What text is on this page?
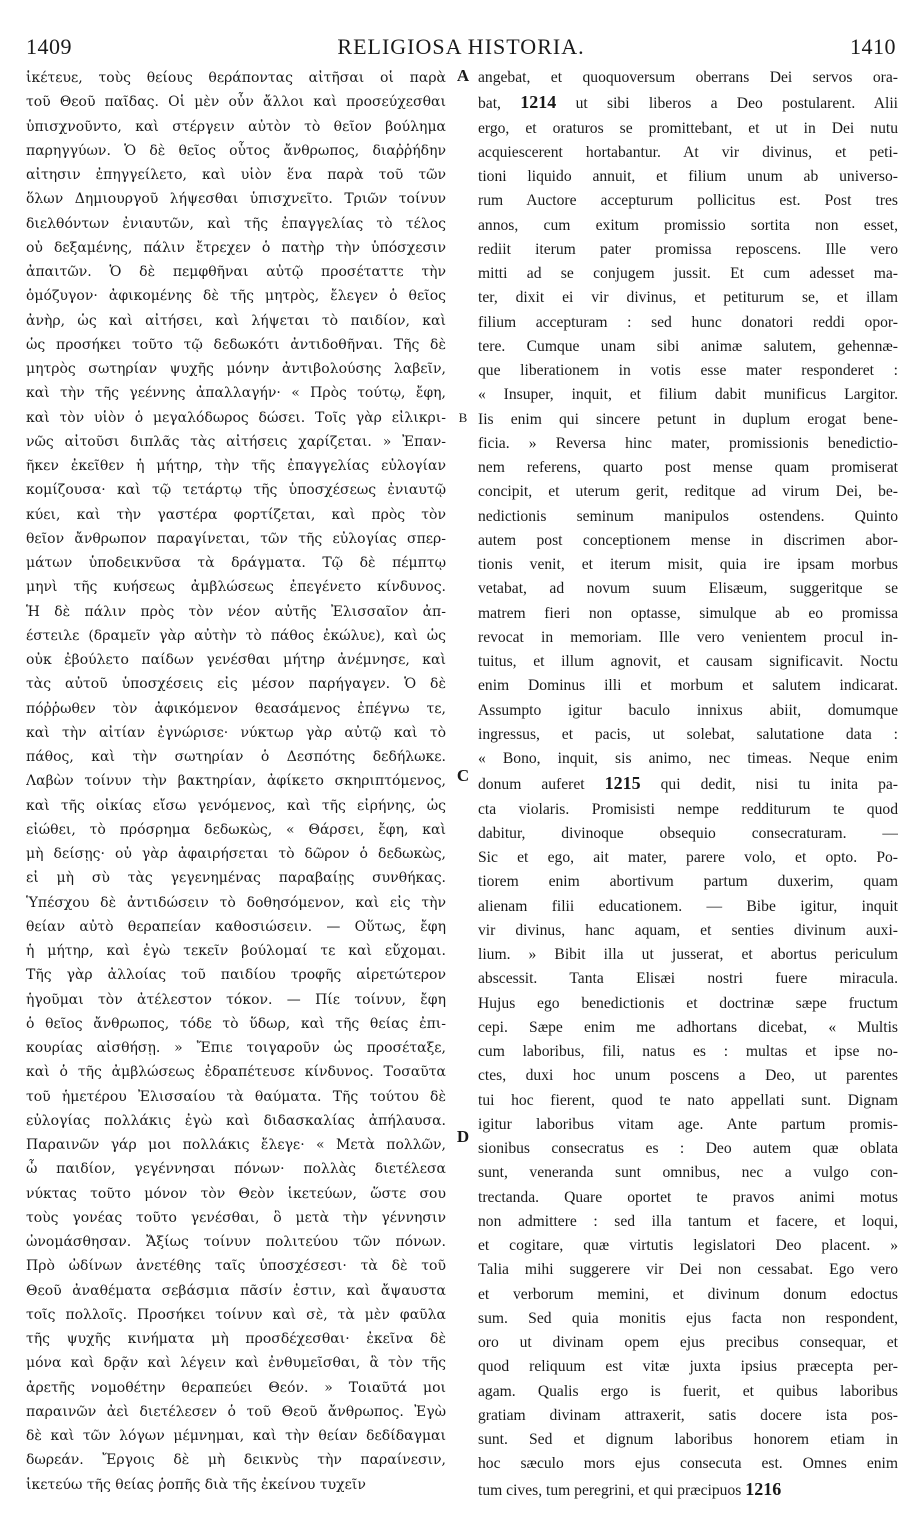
1409	RELIGIOSA HISTORIA.	1410
ἱκέτευε, τοὺς θείους θεράποντας αἰτῆσαι οἱ παρὰ
τοῦ Θεοῦ παῖδας. Οἱ μὲν οὖν ἄλλοι καὶ προσεύχεσθαι
ὑπισχνοῦντο, καὶ στέργειν αὐτὸν τὸ θεῖον βούλημα
παρηγγύων. Ὁ δὲ θεῖος οὗτος ἄνθρωπος, διαῤῥήδην
αἰτησιν ἐπηγγείλετο, καὶ υἱὸν ἕνα παρὰ τοῦ τῶν
ὅλων Δημιουργοῦ λήψεσθαι ὑπισχνεῖτο. Τριῶν τοίνυν
διελθόντων ἐνιαυτῶν, καὶ τῆς ἐπαγγελίας τὸ τέλος
οὐ δεξαμένης, πάλιν ἔτρεχεν ὁ πατὴρ τὴν ὑπόσχεσιν
ἀπαιτῶν. Ὁ δὲ πεμφθῆναι αὐτῷ προσέταττε τὴν
ὁμόζυγον· ἀφικομένης δὲ τῆς μητρὸς, ἔλεγεν ὁ θεῖος
ἀνὴρ, ὡς καὶ αἰτήσει, καὶ λήψεται τὸ παιδίον, καὶ
ὡς προσήκει τοῦτο τῷ δεδωκότι ἀντιδοθῆναι. Τῆς δὲ
μητρὸς σωτηρίαν ψυχῆς μόνην ἀντιβολούσης λαβεῖν,
καὶ τὴν τῆς γεέννης ἀπαλλαγήν· « Πρὸς τούτῳ, ἔφη,
καὶ τὸν υἱὸν ὁ μεγαλόδωρος δώσει. Τοῖς γὰρ εἰλικρι-
νῶς αἰτοῦσι διπλᾶς τὰς αἰτήσεις χαρίζεται. » Ἐπαν-
ῆκεν ἐκεῖθεν ἡ μήτηρ, τὴν τῆς ἐπαγγελίας εὐλογίαν
κομίζουσα· καὶ τῷ τετάρτῳ τῆς ὑποσχέσεως ἐνιαυτῷ
κύει, καὶ τὴν γαστέρα φορτίζεται, καὶ πρὸς τὸν
θεῖον ἄνθρωπον παραγίνεται, τῶν τῆς εὐλογίας σπερ-
μάτων ὑποδεικνῦσα τὰ δράγματα. Τῷ δὲ πέμπτῳ
μηνὶ τῆς κυήσεως ἀμβλώσεως ἐπεγένετο κίνδυνος.
Ἡ δὲ πάλιν πρὸς τὸν νέον αὐτῆς Ἐλισσαῖον ἀπ-
έστειλε (δραμεῖν γὰρ αὐτὴν τὸ πάθος ἐκώλυε), καὶ ὡς
οὐκ ἐβούλετο παίδων γενέσθαι μήτηρ ἀνέμνησε, καὶ
τὰς αὐτοῦ ὑποσχέσεις εἰς μέσον παρήγαγεν. Ὁ δὲ
πόῤῥωθεν τὸν ἀφικόμενον θεασάμενος ἐπέγνω τε,
καὶ τὴν αἰτίαν ἐγνώρισε· νύκτωρ γὰρ αὐτῷ καὶ τὸ
πάθος, καὶ τὴν σωτηρίαν ὁ Δεσπότης δεδήλωκε.
Λαβὼν τοίνυν τὴν βακτηρίαν, ἀφίκετο σκηριπτόμενος,
καὶ τῆς οἰκίας εἴσω γενόμενος, καὶ τῆς εἰρήνης, ὡς
εἰώθει, τὸ πρόσρημα δεδωκὼς, « Θάρσει, ἔφη, καὶ
μὴ δείσῃς· οὐ γὰρ ἀφαιρήσεται τὸ δῶρον ὁ δεδωκὼς,
εἰ μὴ σὺ τὰς γεγενημένας παραβαίῃς συνθήκας.
Ὑπέσχου δὲ ἀντιδώσειν τὸ δοθησόμενον, καὶ εἰς τὴν
θείαν αὐτὸ θεραπείαν καθοσιώσειν. — Οὕτως, ἔφη
ἡ μήτηρ, καὶ ἐγὼ τεκεῖν βούλομαί τε καὶ εὔχομαι.
Τῆς γὰρ ἀλλοίας τοῦ παιδίου τροφῆς αἱρετώτερον
ἡγοῦμαι τὸν ἀτέλεστον τόκον. — Πίε τοίνυν, ἔφη
ὁ θεῖος ἄνθρωπος, τόδε τὸ ὕδωρ, καὶ τῆς θείας ἐπι-
κουρίας αἰσθήσῃ. » Ἔπιε τοιγαροῦν ὡς προσέταξε,
καὶ ὁ τῆς ἀμβλώσεως ἐδραπέτευσε κίνδυνος. Τοσαῦτα
τοῦ ἡμετέρου Ἐλισσαίου τὰ θαύματα. Τῆς τούτου δὲ
εὐλογίας πολλάκις ἐγὼ καὶ διδασκαλίας ἀπήλαυσα.
Παραινῶν γάρ μοι πολλάκις ἔλεγε· « Μετὰ πολλῶν,
ὦ παιδίον, γεγέννησαι πόνων· πολλὰς διετέλεσα
νύκτας τοῦτο μόνον τὸν Θεὸν ἱκετεύων, ὥστε σου
τοὺς γονέας τοῦτο γενέσθαι, ὃ μετὰ τὴν γέννησιν
ὠνομάσθησαν. Ἄξίως τοίνυν πολιτεύου τῶν πόνων.
Πρὸ ὠδίνων ἀνετέθης ταῖς ὑποσχέσεσι· τὰ δὲ τοῦ
Θεοῦ ἀναθέματα σεβάσμια πᾶσίν ἐστιν, καὶ ἄψαυστα
τοῖς πολλοῖς. Προσήκει τοίνυν καὶ σὲ, τὰ μὲν φαῦλα
τῆς ψυχῆς κινήματα μὴ προσδέχεσθαι· ἐκεῖνα δὲ
μόνα καὶ δρᾷν καὶ λέγειν καὶ ἐνθυμεῖσθαι, ἃ τὸν τῆς
ἀρετῆς νομοθέτην θεραπεύει Θεόν. » Τοιαῦτά μοι
παραινῶν ἀεὶ διετέλεσεν ὁ τοῦ Θεοῦ ἄνθρωπος. Ἐγὼ
δὲ καὶ τῶν λόγων μέμνημαι, καὶ τὴν θείαν δεδίδαγμαι
δωρεάν. Ἔργοις δὲ μὴ δεικνὺς τὴν παραίνεσιν,
ἱκετεύω τῆς θείας ῥοπῆς διὰ τῆς ἐκείνου τυχεῖν
A
B
C
D
angebat, et quoquoversum oberrans Dei servos ora-
bat, 1214 ut sibi liberos a Deo postularent. Alii
ergo, et oraturos se promittebant, et ut in Dei nutu
acquiescerent hortabantur. At vir divinus, et peti-
tioni liquido annuit, et filium unum ab universo-
rum Auctore accepturum pollicitus est. Post tres
annos, cum exitum promissio sortita non esset,
rediit iterum pater promissa reposcens. Ille vero
mitti ad se conjugem jussit. Et cum adesset ma-
ter, dixit ei vir divinus, et petiturum se, et illam
filium accepturam : sed hunc donatori reddi opor-
tere. Cumque unam sibi animæ salutem, gehennæ-
que liberationem in votis esse mater responderet :
« Insuper, inquit, et filium dabit munificus Largitor.
Iis enim qui sincere petunt in duplum erogat bene-
ficia. » Reversa hinc mater, promissionis benedictio-
nem referens, quarto post mense quam promiserat
concipit, et uterum gerit, reditque ad virum Dei, be-
nedictionis seminum manipulos ostendens. Quinto
autem post conceptionem mense in discrimen abor-
tionis venit, et iterum misit, quia ire ipsam morbus
vetabat, ad novum suum Elisæum, suggeritque se
matrem fieri non optasse, simulque ab eo promissa
revocat in memoriam. Ille vero venientem procul in-
tuitus, et illum agnovit, et causam significavit. Noctu
enim Dominus illi et morbum et salutem indicarat.
Assumpto igitur baculo innixus abiit, domumque
ingressus, et pacis, ut solebat, salutatione data :
« Bono, inquit, sis animo, nec timeas. Neque enim
donum auferet 1215 qui dedit, nisi tu inita pa-
cta violaris. Promisisti nempe redditurum te quod
dabitur, divinoque obsequio consecraturam. —
Sic et ego, ait mater, parere volo, et opto. Po-
tiorem enim abortivum partum duxerim, quam
alienam filii educationem. — Bibe igitur, inquit
vir divinus, hanc aquam, et senties divinum auxi-
lium. » Bibit illa ut jusserat, et abortus periculum
abscessit. Tanta Elisæi nostri fuere miracula.
Hujus ego benedictionis et doctrinæ sæpe fructum
cepi. Sæpe enim me adhortans dicebat, « Multis
cum laboribus, fili, natus es : multas et ipse no-
ctes, duxi hoc unum poscens a Deo, ut parentes
tui hoc fierent, quod te nato appellati sunt. Dignam
igitur laboribus vitam age. Ante partum promis-
sionibus consecratus es : Deo autem quæ oblata
sunt, veneranda sunt omnibus, nec a vulgo con-
trectanda. Quare oportet te pravos animi motus
non admittere : sed illa tantum et facere, et loqui,
et cogitare, quæ virtutis legislatori Deo placent. »
Talia mihi suggerere vir Dei non cessabat. Ego vero
et verborum memini, et divinum donum edoctus
sum. Sed quia monitis ejus facta non respondent,
oro ut divinam opem ejus precibus consequar, et
quod reliquum est vitæ juxta ipsius præcepta per-
agam. Qualis ergo is fuerit, et quibus laboribus
gratiam divinam attraxerit, satis docere ista pos-
sunt. Sed et dignum laboribus honorem etiam in
hoc sæculo mors ejus consecuta est. Omnes enim
tum cives, tum peregrini, et qui præcipuos 1216
